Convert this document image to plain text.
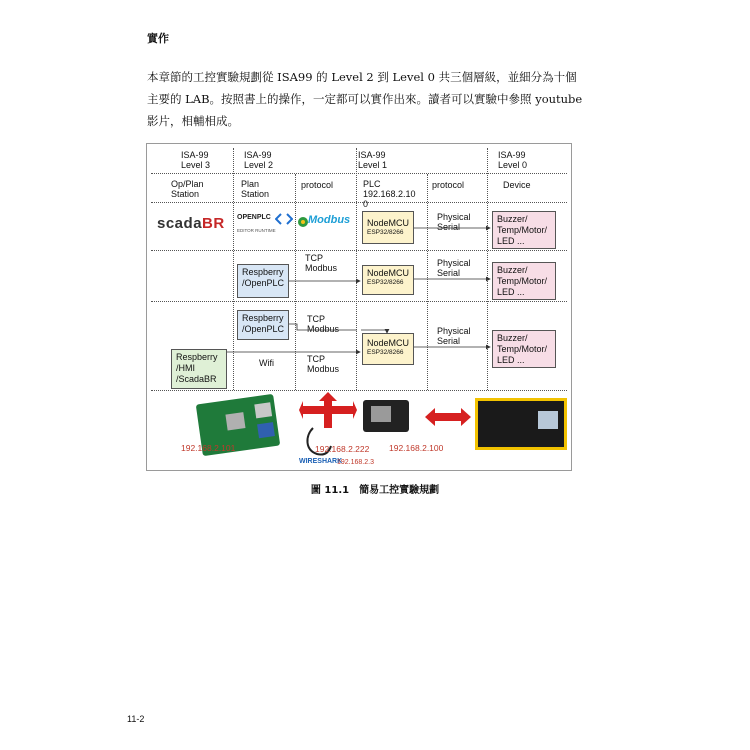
實作
本章節的工控實驗規劃從 ISA99 的 Level 2 到 Level 0 共三個層級，並細分為十個主要的 LAB。按照書上的操作，一定都可以實作出來。讀者可以實驗中參照 youtube 影片，相輔相成。
ISA-99
Level 3
ISA-99
Level 2
ISA-99
Level 1
ISA-99
Level 0
Op/Plan
Station
Plan
Station
protocol	PLC
192.168.2.10
0
protocol	Device
scadaBR OPENPLC
EDITOR RUNTIME
Modbus NodeMCU
ESP32/8266
Physical
Serial
Buzzer/
Temp/Motor/
LED ...
Respberry
/OpenPLC
TCP
Modbus	NodeMCU
ESP32/8266
Physical
Serial	Buzzer/
Temp/Motor/
LED ...
Respberry
/OpenPLC
TCP
Modbus
Respberry
/HMI
/ScadaBR
Wifi	TCP
Modbus
NodeMCU
ESP32/8266
Physical
Serial	Buzzer/
Temp/Motor/
LED ...
192.168.2.222
WIRESHARK
192.168.2.3
192.168.2.101	192.168.2.100
圖 11.1　簡易工控實驗規劃
11-2
